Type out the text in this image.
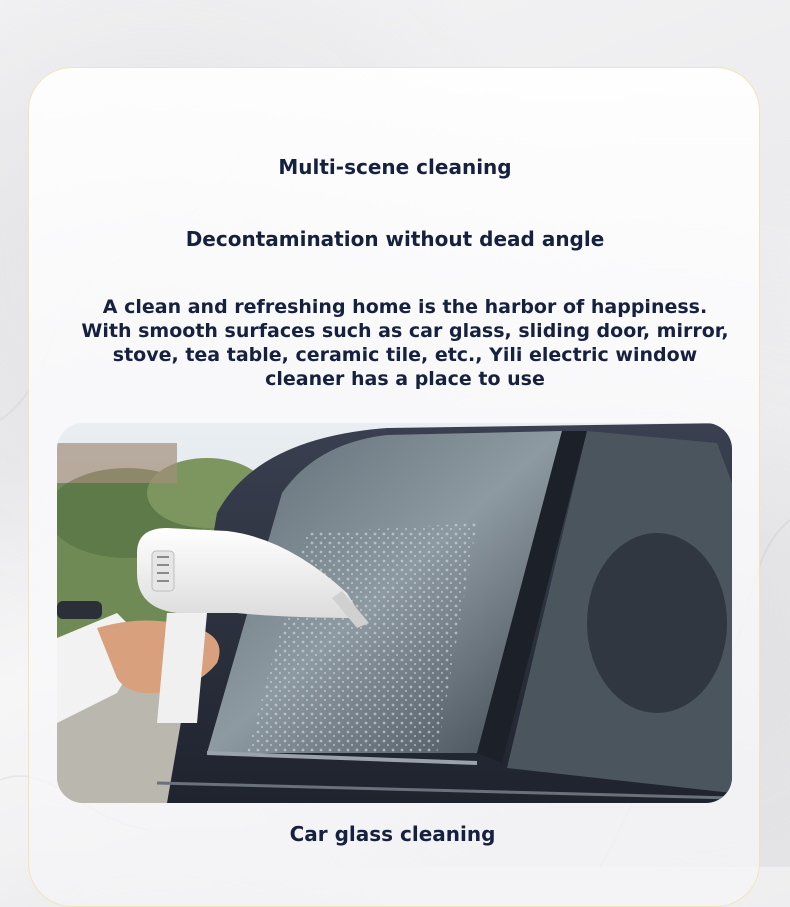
Multi-scene cleaning
Decontamination without dead angle

A clean and refreshing home is the harbor of happiness. With smooth surfaces such as car glass, sliding door, mirror, stove, tea table, ceramic tile, etc., Yili electric window cleaner has a place to use

Car glass cleaning
